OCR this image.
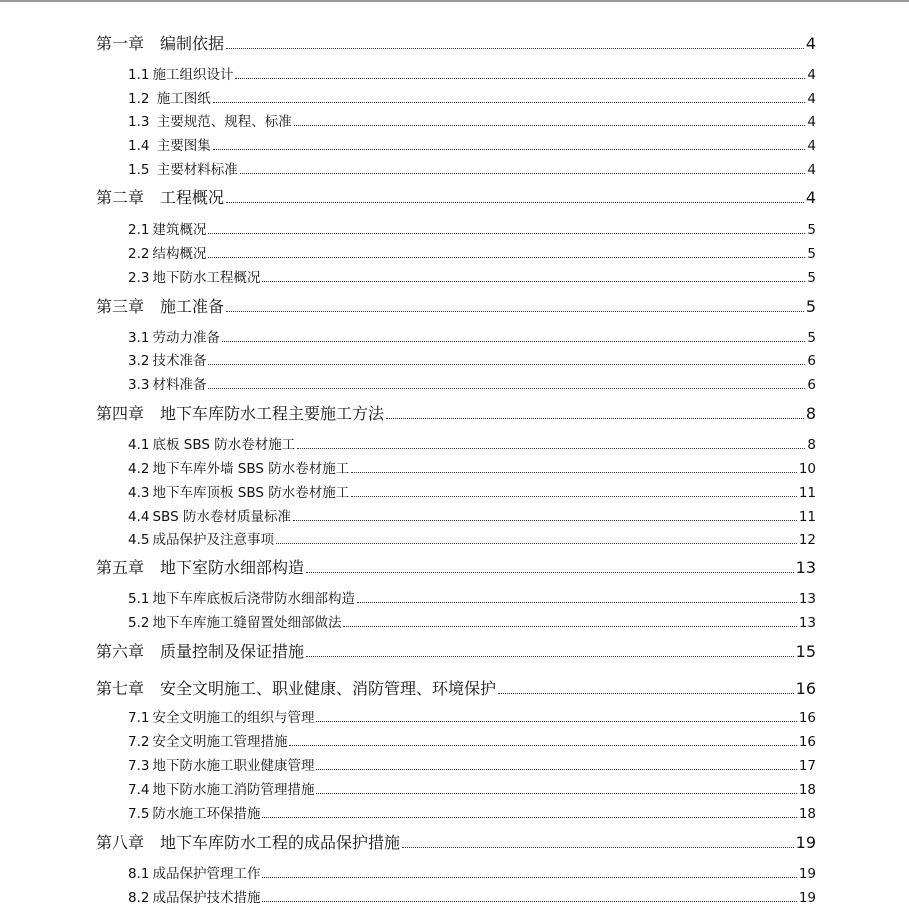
第一章 编制依据	4
1.1 施工组织设计	4
1.2 施工图纸	4
1.3 主要规范、规程、标准	4
1.4 主要图集	4
1.5 主要材料标准	4
第二章 工程概况	4
2.1 建筑概况	5
2.2 结构概况	5
2.3 地下防水工程概况	5
第三章 施工准备	5
3.1 劳动力准备	5
3.2 技术准备	6
3.3 材料准备	6
第四章 地下车库防水工程主要施工方法	8
4.1 底板 SBS 防水卷材施工	8
4.2 地下车库外墙 SBS 防水卷材施工	10
4.3 地下车库顶板 SBS 防水卷材施工	11
4.4 SBS 防水卷材质量标准	11
4.5 成品保护及注意事项	12
第五章 地下室防水细部构造	13
5.1 地下车库底板后浇带防水细部构造	13
5.2 地下车库施工缝留置处细部做法	13
第六章 质量控制及保证措施	15
第七章 安全文明施工、职业健康、消防管理、环境保护	16
7.1 安全文明施工的组织与管理	16
7.2 安全文明施工管理措施	16
7.3 地下防水施工职业健康管理	17
7.4 地下防水施工消防管理措施	18
7.5 防水施工环保措施	18
第八章 地下车库防水工程的成品保护措施	19
8.1 成品保护管理工作	19
8.2 成品保护技术措施	19
